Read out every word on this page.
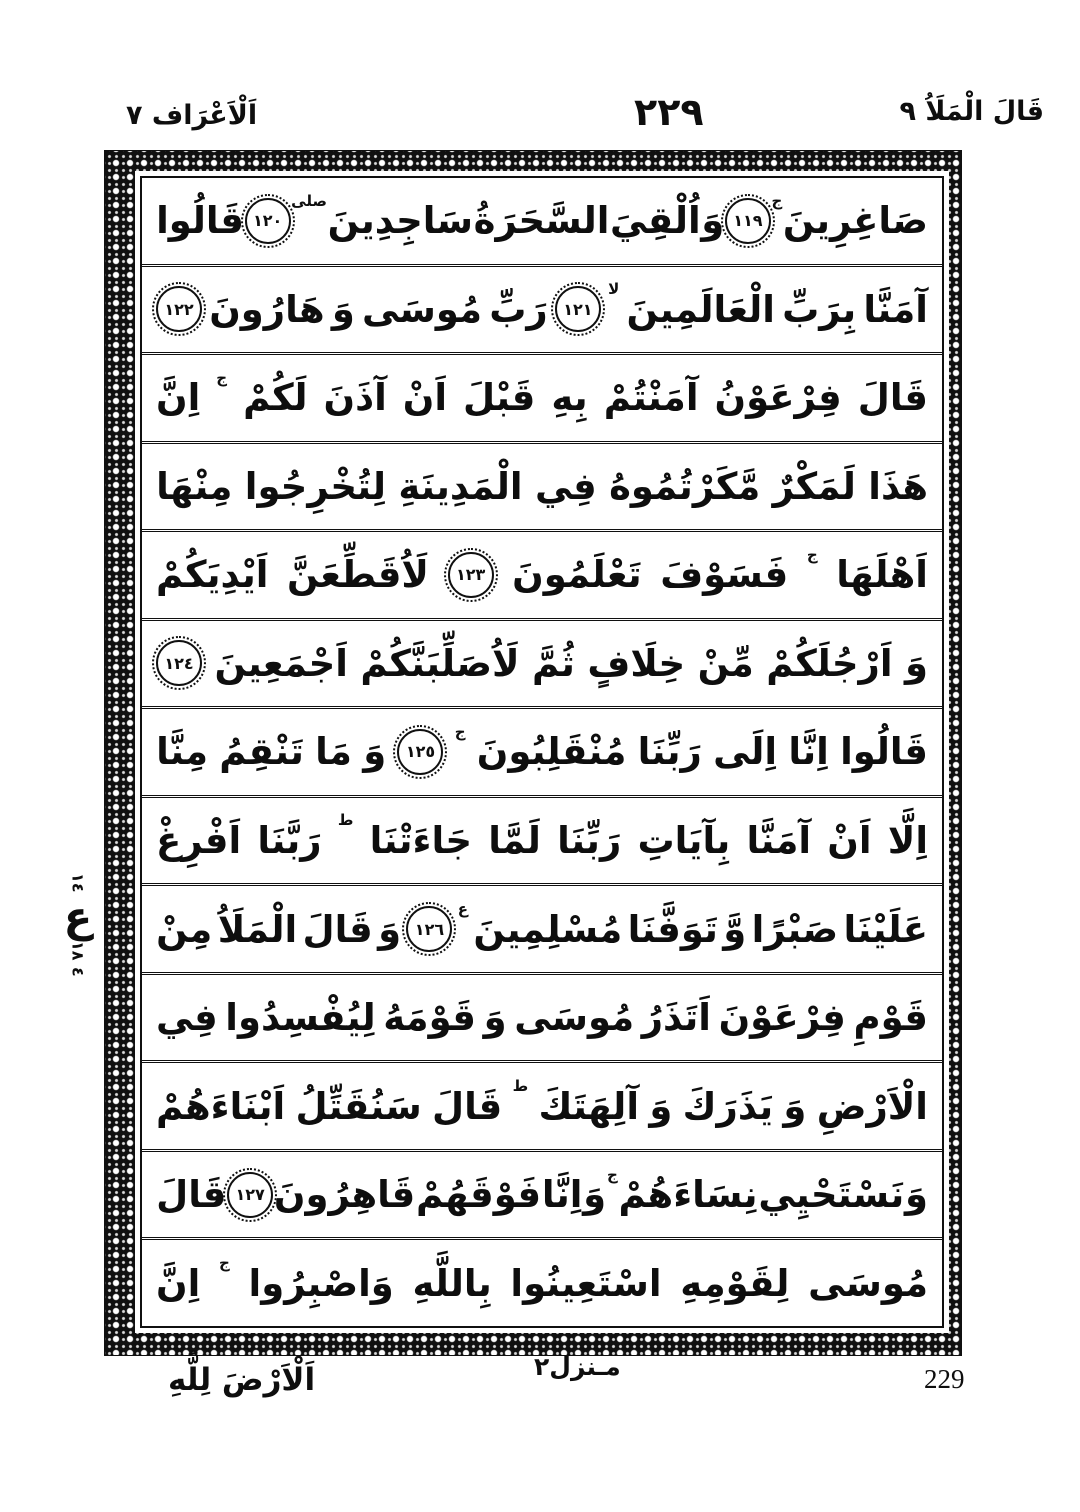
قَالَ الْمَلَاُ ٩
٢٢٩
اَلْاَعْرَاف ٧
١٤
ع
١٨
٤
صَاغِرِينَ
ج
١١٩
وَ
اُلْقِيَ
السَّحَرَةُ
سَاجِدِينَ
صلى
١٢٠
قَالُوا
آمَنَّا
بِرَبِّ
الْعَالَمِينَ
لا
١٢١
رَبِّ
مُوسَى
وَ
هَارُونَ
١٢٢
قَالَ
فِرْعَوْنُ
آمَنْتُمْ
بِهِ
قَبْلَ
اَنْ
آذَنَ
لَكُمْ
ج
اِنَّ
هَذَا
لَمَكْرٌ
مَّكَرْتُمُوهُ
فِي
الْمَدِينَةِ
لِتُخْرِجُوا
مِنْهَا
اَهْلَهَا
ج
فَسَوْفَ
تَعْلَمُونَ
١٢٣
لَاُقَطِّعَنَّ
اَيْدِيَكُمْ
وَ
اَرْجُلَكُمْ
مِّنْ
خِلَافٍ
ثُمَّ
لَاُصَلِّبَنَّكُمْ
اَجْمَعِينَ
١٢٤
قَالُوا
اِنَّا
اِلَى
رَبِّنَا
مُنْقَلِبُونَ
ج
١٢٥
وَ
مَا
تَنْقِمُ
مِنَّا
اِلَّا
اَنْ
آمَنَّا
بِآيَاتِ
رَبِّنَا
لَمَّا
جَاءَتْنَا
ط
رَبَّنَا
اَفْرِغْ
عَلَيْنَا
صَبْرًا
وَّ
تَوَفَّنَا
مُسْلِمِينَ
ع
١٢٦
وَ
قَالَ
الْمَلَاُ
مِنْ
قَوْمِ
فِرْعَوْنَ
اَتَذَرُ
مُوسَى
وَ
قَوْمَهُ
لِيُفْسِدُوا
فِي
الْاَرْضِ
وَ
يَذَرَكَ
وَ
آلِهَتَكَ
ط
قَالَ
سَنُقَتِّلُ
اَبْنَاءَهُمْ
وَ
نَسْتَحْيِي
نِسَاءَهُمْ
ج
وَ
اِنَّا
فَوْقَهُمْ
قَاهِرُونَ
١٢٧
قَالَ
مُوسَى
لِقَوْمِهِ
اسْتَعِينُوا
بِاللَّهِ
وَاصْبِرُوا
ج
اِنَّ
اَلْاَرْضَ لِلَّهِ	مـنزل٢	229
